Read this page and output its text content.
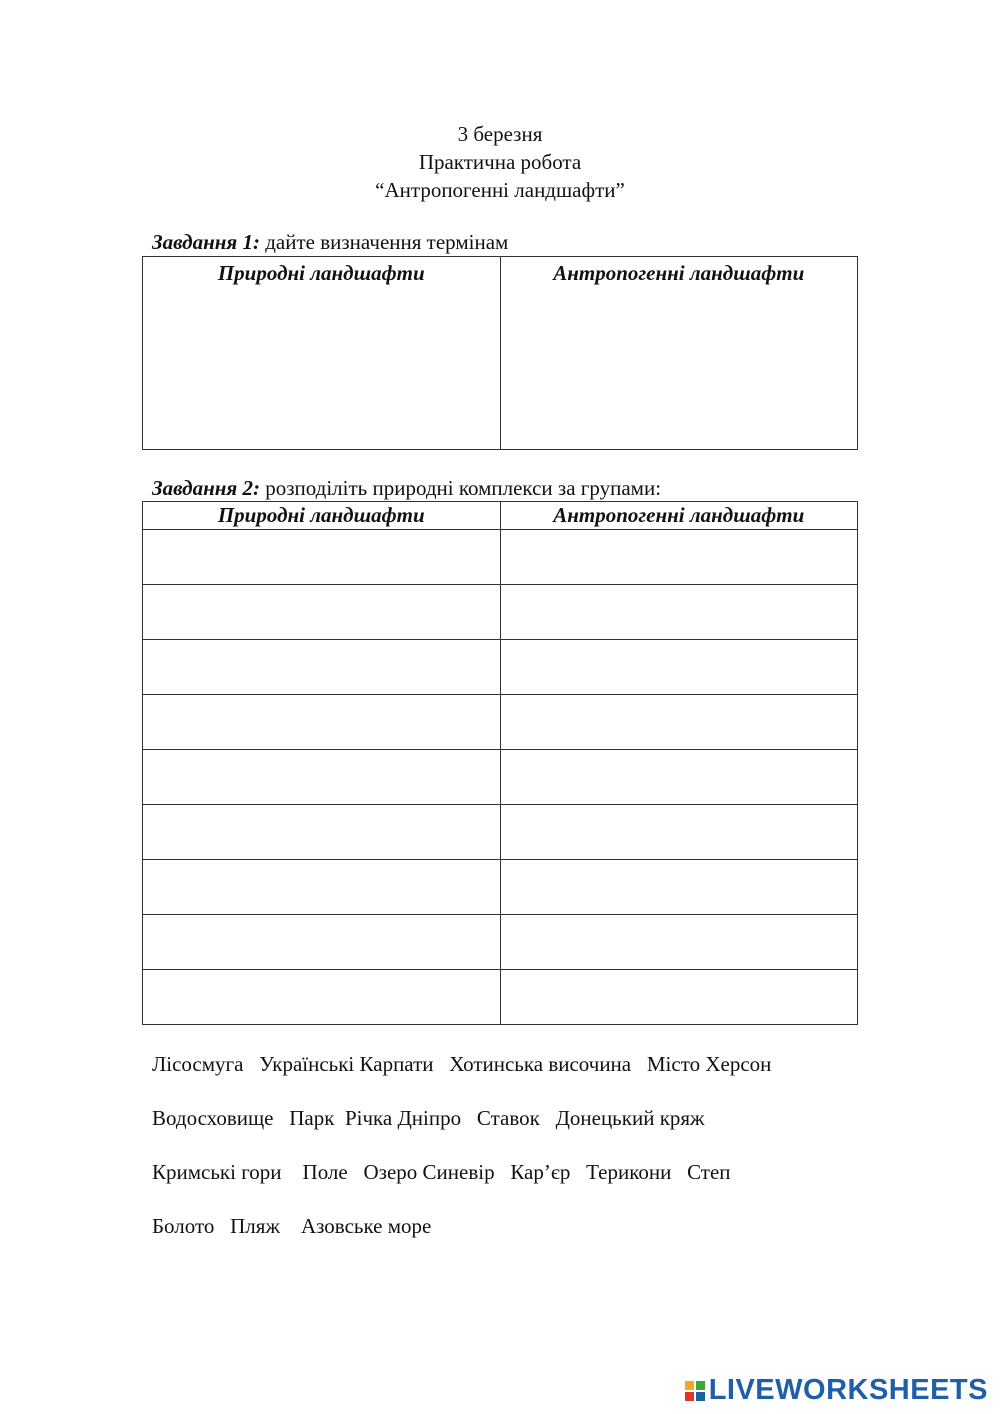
3 березня
Практична робота
“Антропогенні ландшафти”
Завдання 1: дайте визначення термінам
Природні ландшафти	Антропогенні ландшафти
Завдання 2: розподіліть природні комплекси за групами:
Природні ландшафти	Антропогенні ландшафти

Лісосмуга   Українські Карпати   Хотинська височина   Місто Херсон
Водосховище   Парк  Річка Дніпро   Ставок   Донецький кряж
Кримські гори    Поле   Озеро Синевір   Кар’єр   Терикони   Степ
Болото   Пляж    Азовське море
LIVEWORKSHEETS
